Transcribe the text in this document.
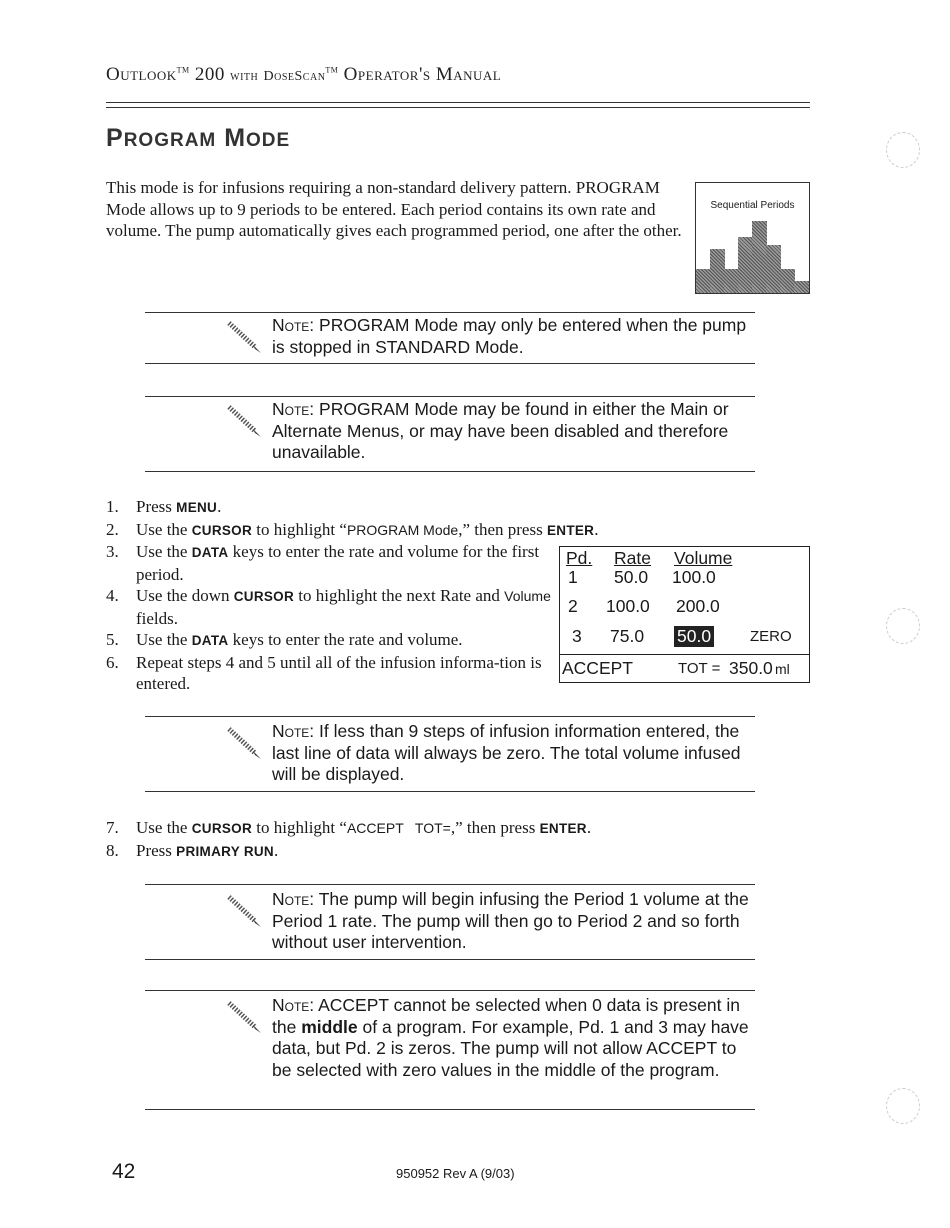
Outlook™ 200 with DoseScan™ Operator's Manual
PROGRAM MODE
This mode is for infusions requiring a non-standard delivery pattern. PROGRAM Mode allows up to 9 periods to be entered. Each period contains its own rate and volume. The pump automatically gives each programmed period, one after the other.
Sequential Periods
Note: PROGRAM Mode may only be entered when the pump is stopped in STANDARD Mode.
Note: PROGRAM Mode may be found in either the Main or Alternate Menus, or may have been disabled and therefore unavailable.
1. Press MENU.
2. Use the CURSOR to highlight “PROGRAM Mode,” then press ENTER.
3. Use the DATA keys to enter the rate and volume for the first period.
4. Use the down CURSOR to highlight the next Rate and Volume fields.
5. Use the DATA keys to enter the rate and volume.
6. Repeat steps 4 and 5 until all of the infusion informa-tion is entered.
Pd. Rate Volume
1 50.0 100.0
2 100.0 200.0
3 75.0 50.0	ZERO
ACCEPT	TOT = 350.0 ml
Note: If less than 9 steps of infusion information entered, the last line of data will always be zero. The total volume infused will be displayed.
7. Use the CURSOR to highlight “ACCEPT   TOT=,” then press ENTER.
8. Press PRIMARY RUN.
Note: The pump will begin infusing the Period 1 volume at the Period 1 rate. The pump will then go to Period 2 and so forth without user intervention.
Note: ACCEPT cannot be selected when 0 data is present in the middle of a program. For example, Pd. 1 and 3 may have data, but Pd. 2 is zeros. The pump will not allow ACCEPT to be selected with zero values in the middle of the program.
42	950952 Rev A (9/03)
